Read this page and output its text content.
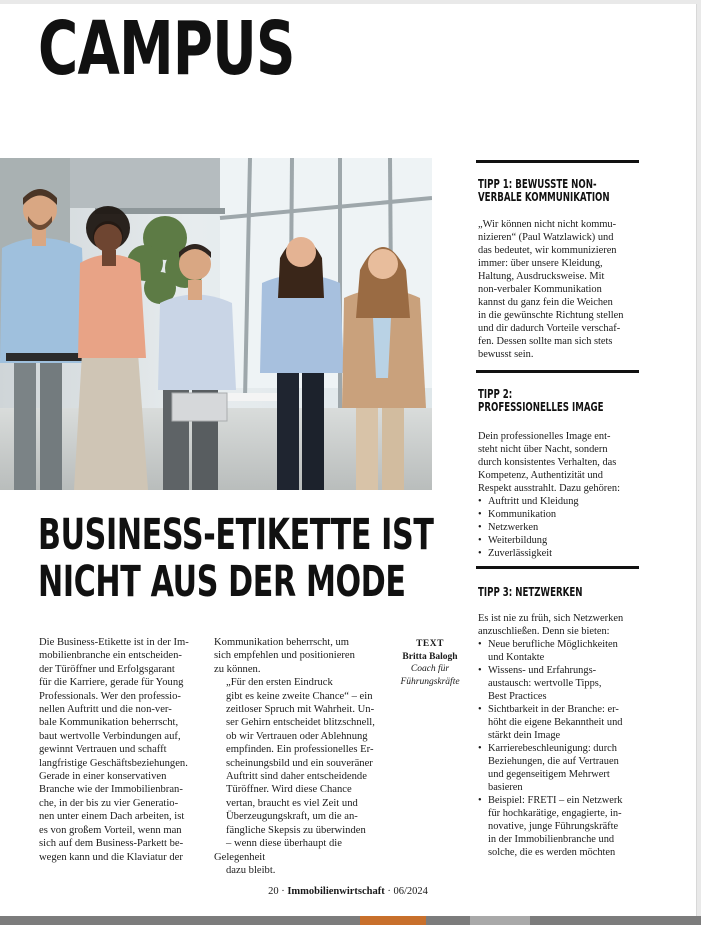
CAMPUS
BUSINESS-ETIKETTE IST
NICHT AUS DER MODE
Die Business-Etikette ist in der Im-
mobilienbranche ein entscheiden-
der Türöffner und Erfolgsgarant
für die Karriere, gerade für Young
Professionals. Wer den professio-
nellen Auftritt und die non-ver-
bale Kommunikation beherrscht,
baut wertvolle Verbindungen auf,
gewinnt Vertrauen und schafft
langfristige Geschäftsbeziehungen.
Gerade in einer konservativen
Branche wie der Immobilienbran-
che, in der bis zu vier Generatio-
nen unter einem Dach arbeiten, ist
es von großem Vorteil, wenn man
sich auf dem Business-Parkett be-
wegen kann und die Klaviatur der

Kommunikation beherrscht, um
sich empfehlen und positionieren
zu können.

„Für den ersten Eindruck
gibt es keine zweite Chance“ – ein
zeitloser Spruch mit Wahrheit. Un-
ser Gehirn entscheidet blitzschnell,
ob wir Vertrauen oder Ablehnung
empfinden. Ein professionelles Er-
scheinungsbild und ein souveräner
Auftritt sind daher entscheidende
Türöffner. Wird diese Chance
vertan, braucht es viel Zeit und
Überzeugungskraft, um die an-
fängliche Skepsis zu überwinden
– wenn diese überhaupt die Gelegenheit
dazu bleibt.

TEXT
Britta Balogh
Coach für
Führungskräfte
TIPP 1: BEWUSSTE NON-
VERBALE KOMMUNIKATION

„Wir können nicht nicht kommu-
nizieren“ (Paul Watzlawick) und
das bedeutet, wir kommunizieren
immer: über unsere Kleidung,
Haltung, Ausdrucksweise. Mit
non-verbaler Kommunikation
kannst du ganz fein die Weichen
in die gewünschte Richtung stellen
und dir dadurch Vorteile verschaf-
fen. Dessen sollte man sich stets
bewusst sein.

TIPP 2:
PROFESSIONELLES IMAGE

Dein professionelles Image ent-
steht nicht über Nacht, sondern
durch konsistentes Verhalten, das
Kompetenz, Authentizität und
Respekt ausstrahlt. Dazu gehören:

• Auftritt und Kleidung
• Kommunikation
• Netzwerken
• Weiterbildung
• Zuverlässigkeit
TIPP 3: NETZWERKEN

Es ist nie zu früh, sich Netzwerken
anzuschließen. Denn sie bieten:

• Neue berufliche Möglichkeiten
und Kontakte
• Wissens- und Erfahrungs-
austausch: wertvolle Tipps,
Best Practices
• Sichtbarkeit in der Branche: er-
höht die eigene Bekanntheit und
stärkt dein Image
• Karrierebeschleunigung: durch
Beziehungen, die auf Vertrauen
und gegenseitigem Mehrwert
basieren
• Beispiel: FRETI – ein Netzwerk
für hochkarätige, engagierte, in-
novative, junge Führungskräfte
in der Immobilienbranche und
solche, die es werden möchten
20 · Immobilienwirtschaft · 06/2024
